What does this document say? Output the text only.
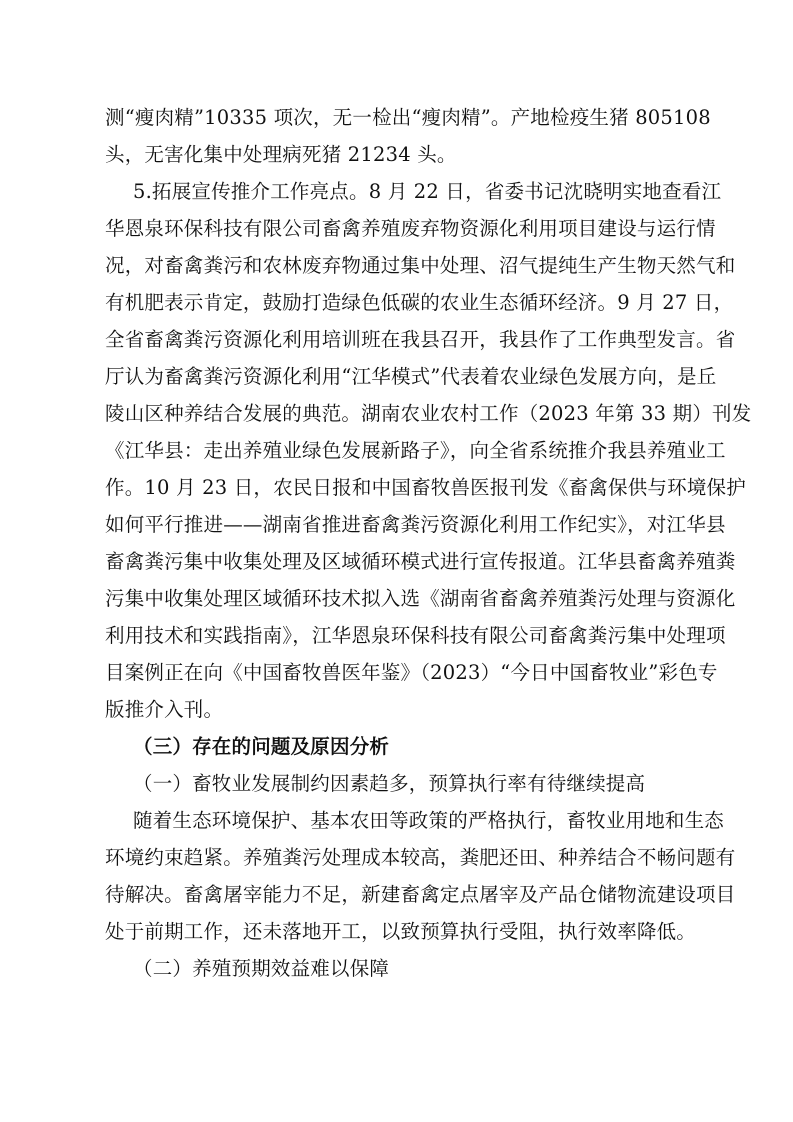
测“瘦肉精”10335 项次，无一检出“瘦肉精”。产地检疫生猪 805108
头，无害化集中处理病死猪 21234 头。
5.拓展宣传推介工作亮点。8 月 22 日，省委书记沈晓明实地查看江
华恩泉环保科技有限公司畜禽养殖废弃物资源化利用项目建设与运行情
况，对畜禽粪污和农林废弃物通过集中处理、沼气提纯生产生物天然气和
有机肥表示肯定，鼓励打造绿色低碳的农业生态循环经济。9 月 27 日，
全省畜禽粪污资源化利用培训班在我县召开，我县作了工作典型发言。省
厅认为畜禽粪污资源化利用“江华模式”代表着农业绿色发展方向，是丘
陵山区种养结合发展的典范。湖南农业农村工作（2023 年第 33 期）刊发
《江华县：走出养殖业绿色发展新路子》，向全省系统推介我县养殖业工
作。10 月 23 日，农民日报和中国畜牧兽医报刊发《畜禽保供与环境保护
如何平行推进——湖南省推进畜禽粪污资源化利用工作纪实》，对江华县
畜禽粪污集中收集处理及区域循环模式进行宣传报道。江华县畜禽养殖粪
污集中收集处理区域循环技术拟入选《湖南省畜禽养殖粪污处理与资源化
利用技术和实践指南》，江华恩泉环保科技有限公司畜禽粪污集中处理项
目案例正在向《中国畜牧兽医年鉴》（2023）“今日中国畜牧业”彩色专
版推介入刊。
（三）存在的问题及原因分析
（一）畜牧业发展制约因素趋多，预算执行率有待继续提高
随着生态环境保护、基本农田等政策的严格执行，畜牧业用地和生态
环境约束趋紧。养殖粪污处理成本较高，粪肥还田、种养结合不畅问题有
待解决。畜禽屠宰能力不足，新建畜禽定点屠宰及产品仓储物流建设项目
处于前期工作，还未落地开工，以致预算执行受阻，执行效率降低。
（二）养殖预期效益难以保障
